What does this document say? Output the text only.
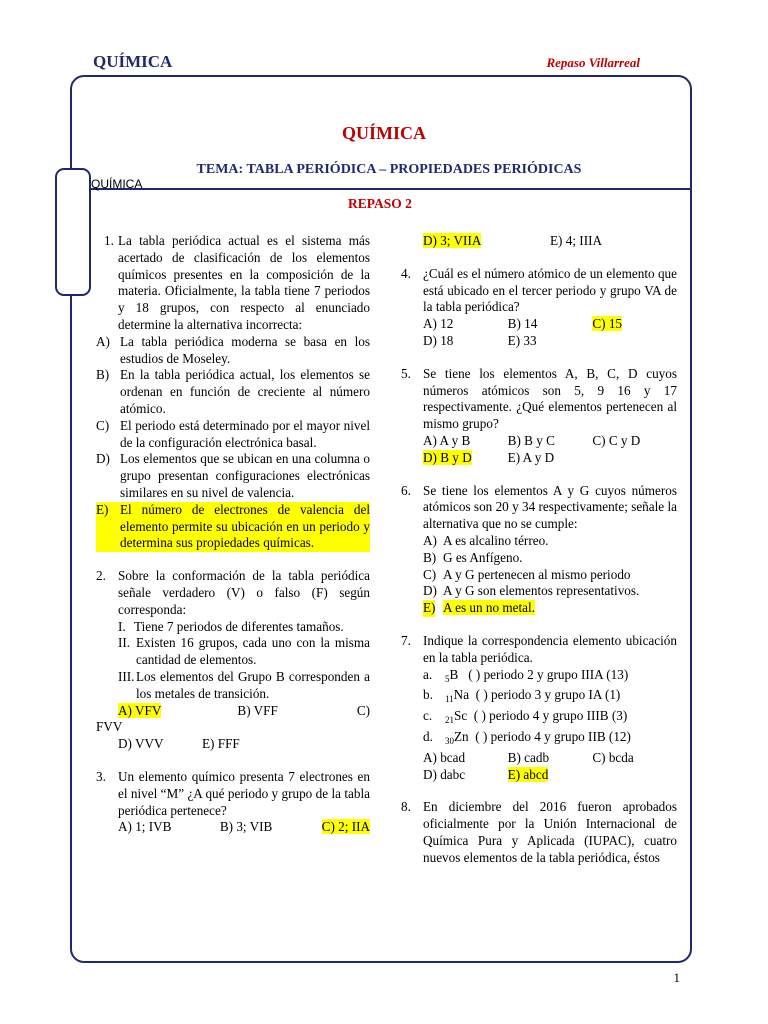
QUÍMICA	Repaso Villarreal
QUÍMICA
QUÍMICA
TEMA: TABLA PERIÓDICA – PROPIEDADES PERIÓDICAS
REPASO 2
1. La tabla periódica actual es el sistema más acertado de clasificación de los elementos químicos presentes en la composición de la materia. Oficialmente, la tabla tiene 7 periodos y 18 grupos, con respecto al enunciado determine la alternativa incorrecta:
A) La tabla periódica moderna se basa en los estudios de Moseley.
B) En la tabla periódica actual, los elementos se ordenan en función de creciente al número atómico.
C) El periodo está determinado por el mayor nivel de la configuración electrónica basal.
D) Los elementos que se ubican en una columna o grupo presentan configuraciones electrónicas similares en su nivel de valencia.
E) El número de electrones de valencia del elemento permite su ubicación en un periodo y determina sus propiedades químicas.
2. Sobre la conformación de la tabla periódica señale verdadero (V) o falso (F) según corresponda:
I. Tiene 7 periodos de diferentes tamaños.
II. Existen 16 grupos, cada uno con la misma cantidad de elementos.
III. Los elementos del Grupo B corresponden a los metales de transición.
A) VFV	B) VFF	C)
FVV
D) VVV	E) FFF
3. Un elemento químico presenta 7 electrones en el nivel “M” ¿A qué periodo y grupo de la tabla periódica pertenece?
A) 1; IVB	B) 3; VIB	C) 2; IIA
D) 3; VIIA	E) 4; IIIA
4. ¿Cuál es el número atómico de un elemento que está ubicado en el tercer periodo y grupo VA de la tabla periódica?
A) 12	B) 14	C) 15
D) 18	E) 33
5. Se tiene los elementos A, B, C, D cuyos números atómicos son 5, 9 16 y 17 respectivamente. ¿Qué elementos pertenecen al mismo grupo?
A) A y B	B) B y C	C) C y D
D) B y D	E) A y D
6. Se tiene los elementos A y G cuyos números atómicos son 20 y 34 respectivamente; señale la alternativa que no se cumple:
A) A es alcalino térreo.
B) G es Anfígeno.
C) A y G pertenecen al mismo periodo
D) A y G son elementos representativos.
E) A es un no metal.
7. Indique la correspondencia elemento ubicación en la tabla periódica.
a. $_5$B ( ) periodo 2 y grupo IIIA (13)
b. $_{11}$Na ( ) periodo 3 y grupo IA (1)
c. $_{21}$Sc ( ) periodo 4 y grupo IIIB (3)
d. $_{30}$Zn ( ) periodo 4 y grupo IIB (12)
A) bcad	B) cadb	C) bcda
D) dabc	E) abcd
8. En diciembre del 2016 fueron aprobados oficialmente por la Unión Internacional de Química Pura y Aplicada (IUPAC), cuatro nuevos elementos de la tabla periódica, éstos
1
